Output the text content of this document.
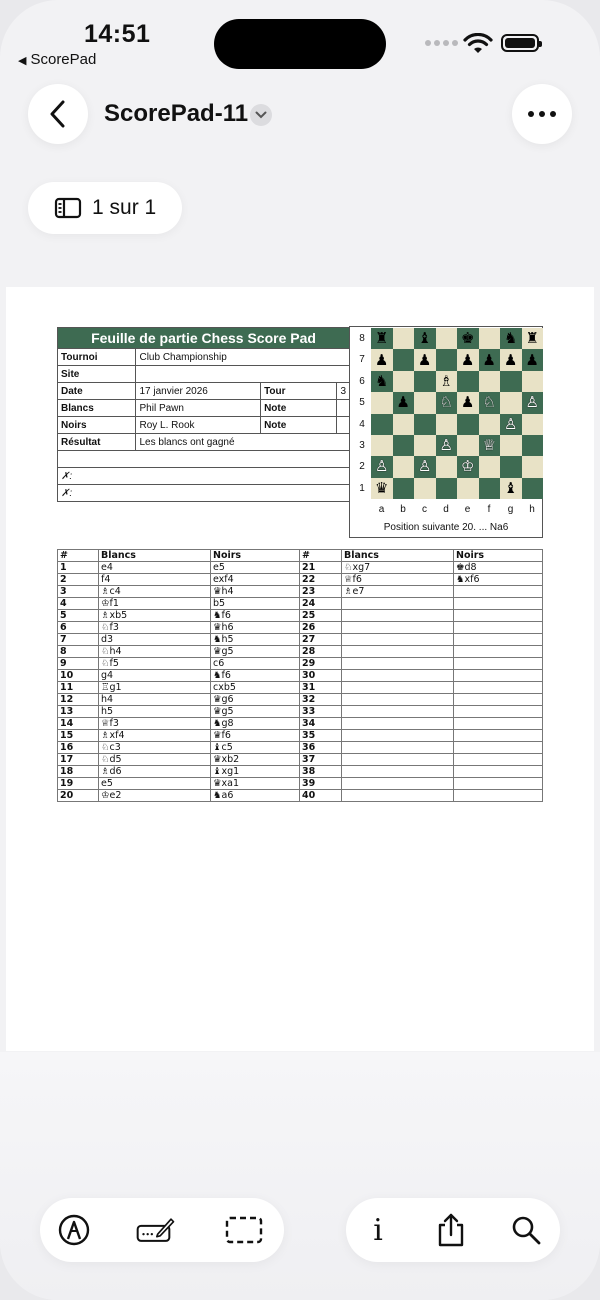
14:51
◀ ScorePad
ScorePad-11
1 sur 1
Feuille de partie Chess Score Pad			
Tournoi	Club Championship		
Site			
Date	17 janvier 2026	Tour	3
Blancs	Phil Pawn	Note	
Noirs	Roy L. Rook	Note	
Résultat	Les blancs ont gagné		

✗:			
✗:			
♜ ♝ ♚ ♞ ♜
♟ ♟ ♟ ♟ ♟ ♟
♞	♗
♟ ♘ ♟ ♘ ♙
♙
♙ ♕
♙ ♙ ♔
♛	♝
8
7
6
5
4
3
2
1
a	b	c	d	e	f	g	h
Position suivante 20. ... Na6
#	Blancs	Noirs	#	Blancs	Noirs
1	e4	e5	21	♘xg7	♚d8
2	f4	exf4	22	♕f6	♞xf6
3	♗c4	♛h4	23	♗e7	
4	♔f1	b5	24		
5	♗xb5	♞f6	25		
6	♘f3	♛h6	26		
7	d3	♞h5	27		
8	♘h4	♛g5	28		
9	♘f5	c6	29		
10	g4	♞f6	30		
11	♖g1	cxb5	31		
12	h4	♛g6	32		
13	h5	♛g5	33		
14	♕f3	♞g8	34		
15	♗xf4	♛f6	35		
16	♘c3	♝c5	36		
17	♘d5	♛xb2	37		
18	♗d6	♝xg1	38		
19	e5	♛xa1	39		
20	♔e2	♞a6	40		
i
